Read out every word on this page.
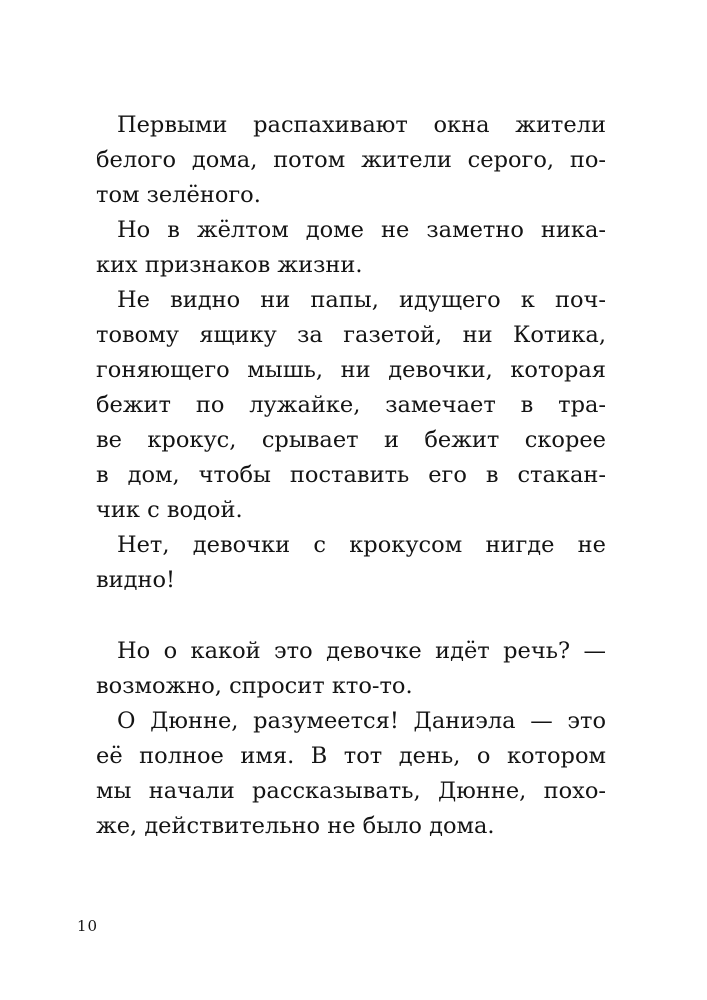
Первыми распахивают окна жители
белого дома, потом жители серого, по-
том зелёного.
Но в жёлтом доме не заметно ника-
ких признаков жизни.
Не видно ни папы, идущего к поч-
товому ящику за газетой, ни Котика,
гоняющего мышь, ни девочки, которая
бежит по лужайке, замечает в тра-
ве крокус, срывает и бежит скорее
в дом, чтобы поставить его в стакан-
чик с водой.
Нет, девочки с крокусом нигде не
видно!
Но о какой это девочке идёт речь? —
возможно, спросит кто-то.
О Дюнне, разумеется! Даниэла — это
её полное имя. В тот день, о котором
мы начали рассказывать, Дюнне, похо-
же, действительно не было дома.
10
